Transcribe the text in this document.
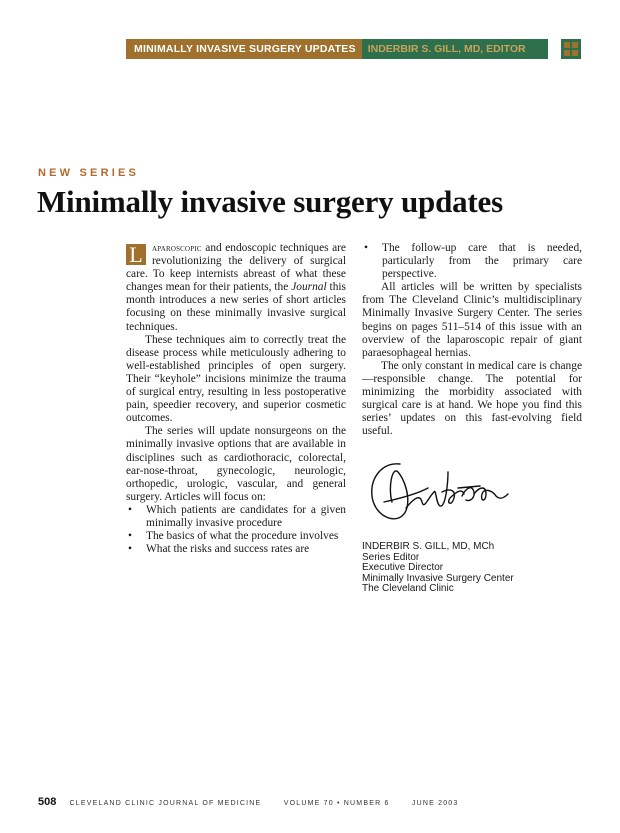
MINIMALLY INVASIVE SURGERY UPDATES	INDERBIR S. GILL, MD, EDITOR
NEW SERIES
Minimally invasive surgery updates

L aparoscopic and endoscopic techniques are revolutionizing the delivery of surgical care. To keep internists abreast of what these changes mean for their patients, the Journal this month introduces a new series of short articles focusing on these minimally invasive surgical techniques.

These techniques aim to correctly treat the disease process while meticulously adhering to well-established principles of open surgery. Their “keyhole” incisions minimize the trauma of surgical entry, resulting in less postoperative pain, speedier recovery, and superior cosmetic outcomes.

The series will update nonsurgeons on the minimally invasive options that are available in disciplines such as cardiothoracic, colorectal, ear-nose-throat, gynecologic, neurologic, orthopedic, urologic, vascular, and general surgery. Articles will focus on:

• Which patients are candidates for a given minimally invasive procedure
• The basics of what the procedure involves
• What the risks and success rates are
• The follow-up care that is needed, particularly from the primary care perspective.

All articles will be written by specialists from The Cleveland Clinic’s multidisciplinary Minimally Invasive Surgery Center. The series begins on pages 511–514 of this issue with an overview of the laparoscopic repair of giant paraesophageal hernias.

The only constant in medical care is change—responsible change. The potential for minimizing the morbidity associated with surgical care is at hand. We hope you find this series’ updates on this fast-evolving field useful.

INDERBIR S. GILL, MD, MCh
Series Editor
Executive Director
Minimally Invasive Surgery Center
The Cleveland Clinic
508 CLEVELAND CLINIC JOURNAL OF MEDICINE	VOLUME 70 • NUMBER 6	JUNE 2003
